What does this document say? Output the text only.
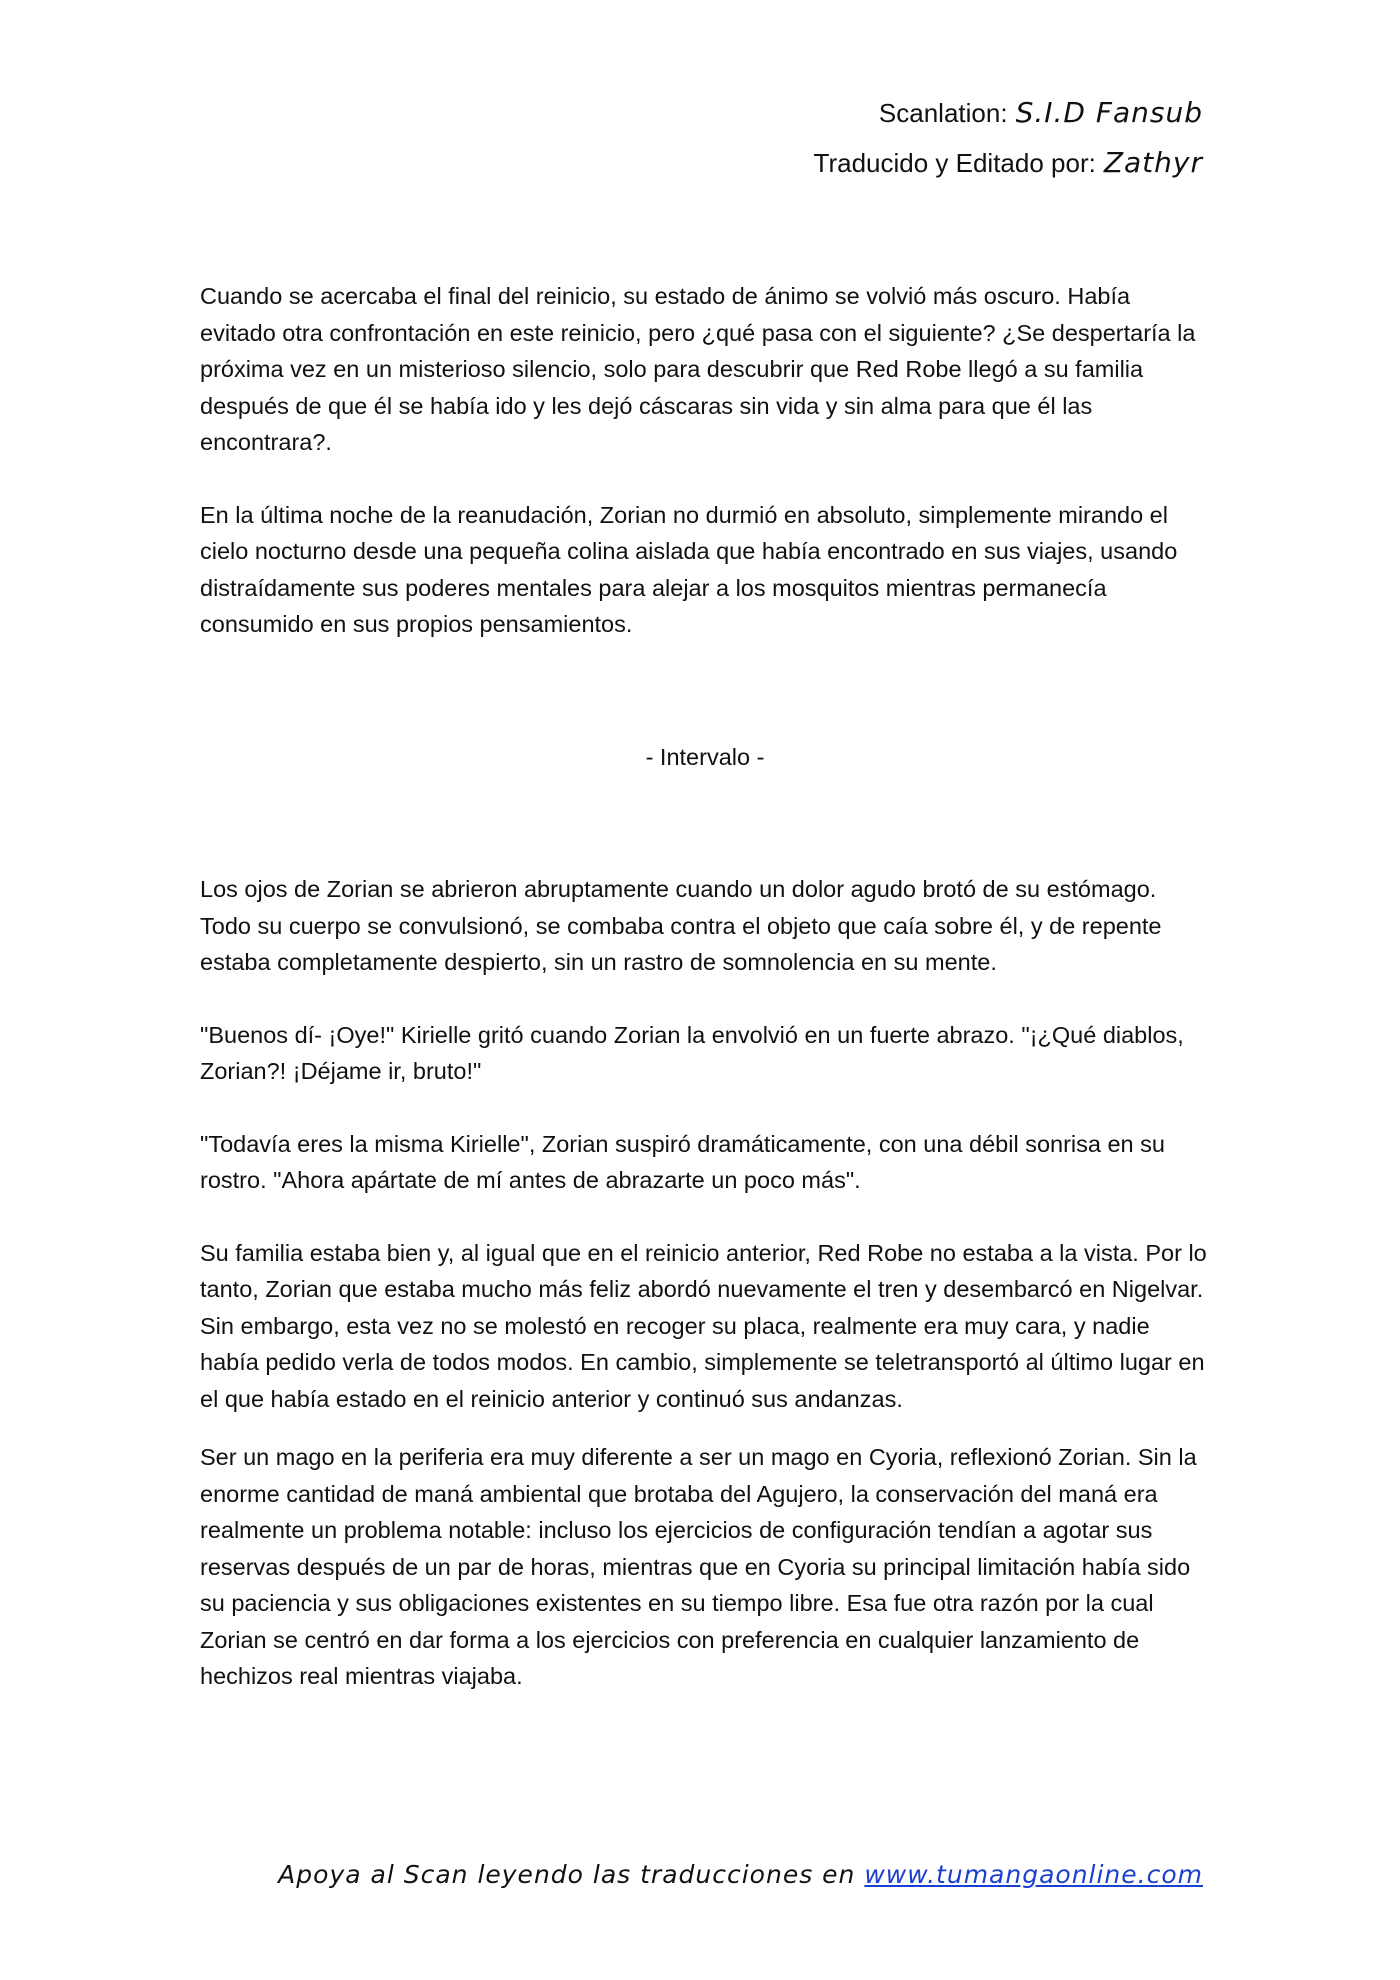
Scanlation: S.I.D Fansub
Traducido y Editado por: Zathyr

Cuando se acercaba el final del reinicio, su estado de ánimo se volvió más oscuro. Había evitado otra confrontación en este reinicio, pero ¿qué pasa con el siguiente? ¿Se despertaría la próxima vez en un misterioso silencio, solo para descubrir que Red Robe llegó a su familia después de que él se había ido y les dejó cáscaras sin vida y sin alma para que él las encontrara?.

En la última noche de la reanudación, Zorian no durmió en absoluto, simplemente mirando el cielo nocturno desde una pequeña colina aislada que había encontrado en sus viajes, usando distraídamente sus poderes mentales para alejar a los mosquitos mientras permanecía consumido en sus propios pensamientos.

- Intervalo -

Los ojos de Zorian se abrieron abruptamente cuando un dolor agudo brotó de su estómago. Todo su cuerpo se convulsionó, se combaba contra el objeto que caía sobre él, y de repente estaba completamente despierto, sin un rastro de somnolencia en su mente.

"Buenos dí- ¡Oye!" Kirielle gritó cuando Zorian la envolvió en un fuerte abrazo. "¡¿Qué diablos, Zorian?! ¡Déjame ir, bruto!"

"Todavía eres la misma Kirielle", Zorian suspiró dramáticamente, con una débil sonrisa en su rostro. "Ahora apártate de mí antes de abrazarte un poco más".

Su familia estaba bien y, al igual que en el reinicio anterior, Red Robe no estaba a la vista. Por lo tanto, Zorian que estaba mucho más feliz abordó nuevamente el tren y desembarcó en Nigelvar. Sin embargo, esta vez no se molestó en recoger su placa, realmente era muy cara, y nadie había pedido verla de todos modos. En cambio, simplemente se teletransportó al último lugar en el que había estado en el reinicio anterior y continuó sus andanzas.

Ser un mago en la periferia era muy diferente a ser un mago en Cyoria, reflexionó Zorian. Sin la enorme cantidad de maná ambiental que brotaba del Agujero, la conservación del maná era realmente un problema notable: incluso los ejercicios de configuración tendían a agotar sus reservas después de un par de horas, mientras que en Cyoria su principal limitación había sido su paciencia y sus obligaciones existentes en su tiempo libre. Esa fue otra razón por la cual Zorian se centró en dar forma a los ejercicios con preferencia en cualquier lanzamiento de hechizos real mientras viajaba.

Apoya al Scan leyendo las traducciones en www.tumangaonline.com
